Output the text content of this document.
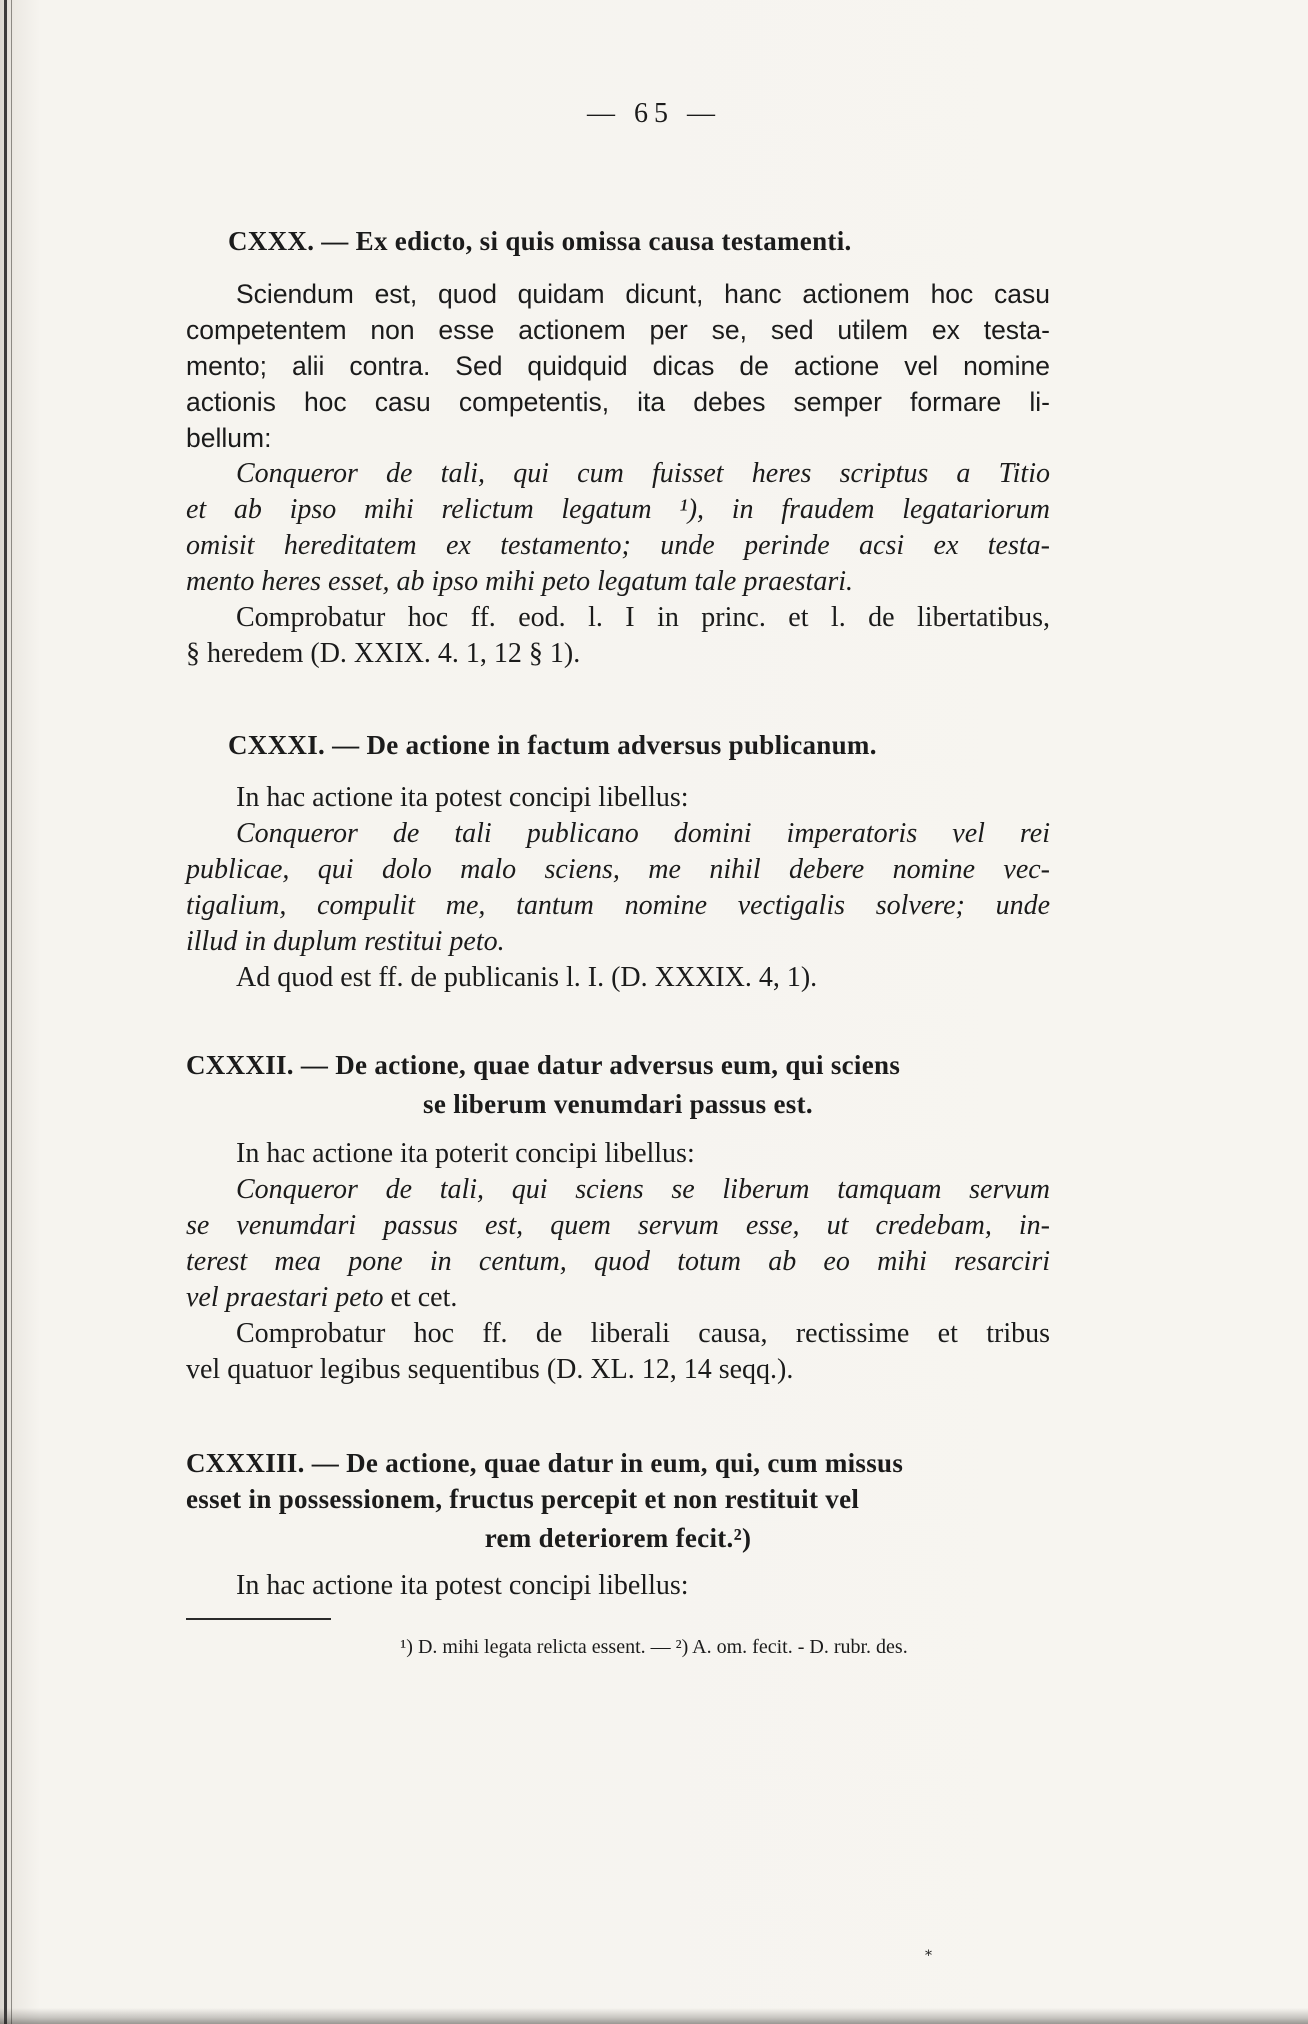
— 65 —
CXXX. — Ex edicto, si quis omissa causa testamenti.
Sciendum est, quod quidam dicunt, hanc actionem hoc casu
competentem non esse actionem per se, sed utilem ex testa-
mento; alii contra. Sed quidquid dicas de actione vel nomine
actionis hoc casu competentis, ita debes semper formare li-
bellum:
Conqueror de tali, qui cum fuisset heres scriptus a Titio
et ab ipso mihi relictum legatum ¹), in fraudem legatariorum
omisit hereditatem ex testamento; unde perinde acsi ex testa-
mento heres esset, ab ipso mihi peto legatum tale praestari.
Comprobatur hoc ff. eod. l. I in princ. et l. de libertatibus,
§ heredem (D. XXIX. 4. 1, 12 § 1).
CXXXI. — De actione in factum adversus publicanum.
In hac actione ita potest concipi libellus:
Conqueror de tali publicano domini imperatoris vel rei
publicae, qui dolo malo sciens, me nihil debere nomine vec-
tigalium, compulit me, tantum nomine vectigalis solvere; unde
illud in duplum restitui peto.
Ad quod est ff. de publicanis l. I. (D. XXXIX. 4, 1).
CXXXII. — De actione, quae datur adversus eum, qui sciens
se liberum venumdari passus est.
In hac actione ita poterit concipi libellus:
Conqueror de tali, qui sciens se liberum tamquam servum
se venumdari passus est, quem servum esse, ut credebam, in-
terest mea pone in centum, quod totum ab eo mihi resarciri
vel praestari peto et cet.
Comprobatur hoc ff. de liberali causa, rectissime et tribus
vel quatuor legibus sequentibus (D. XL. 12, 14 seqq.).
CXXXIII. — De actione, quae datur in eum, qui, cum missus
esset in possessionem, fructus percepit et non restituit vel
rem deteriorem fecit.²)
In hac actione ita potest concipi libellus:
¹) D. mihi legata relicta essent. — ²) A. om. fecit. - D. rubr. des.
*
